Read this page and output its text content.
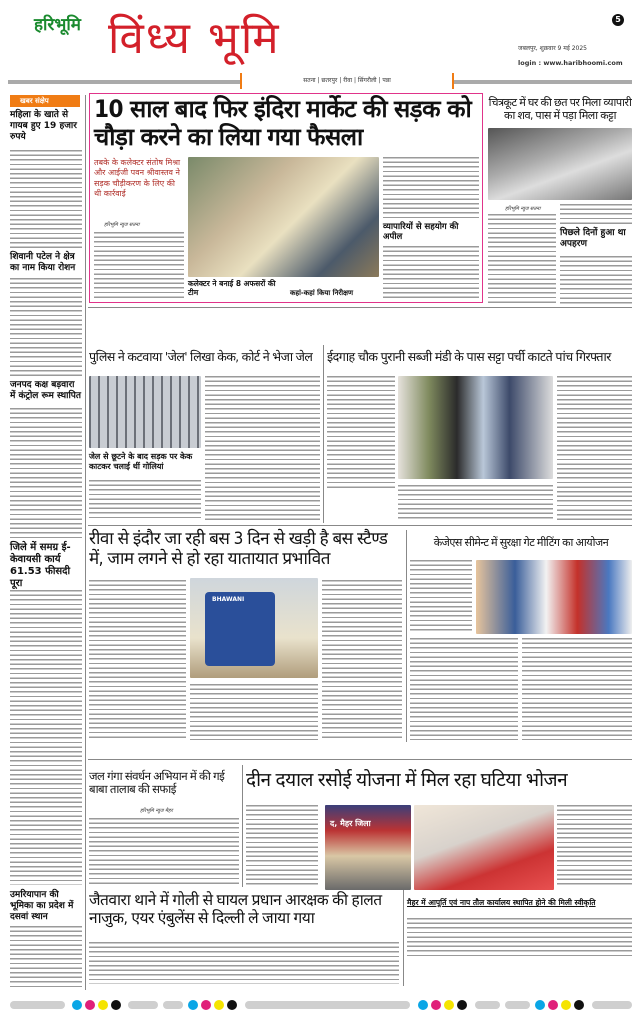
हरिभूमि विंध्य भूमि	5
जबलपुर, शुक्रवार 9 मई 2025
login : www.haribhoomi.com
सतना | छतरपुर | रीवा | सिंगरौली | पन्ना
खबर संक्षेप
महिला के खाते से गायब हुए 19 हजार रुपये
शिवानी पटेल ने क्षेत्र का नाम किया रोशन
जनपद कक्ष बड़वारा में कंट्रोल रूम स्थापित
जिले में समग्र ई-केवायसी कार्य 61.53 फीसदी पूरा
उमरियापान की भूमिका का प्रदेश में दसवां स्थान
10 साल बाद फिर इंदिरा मार्केट की सड़क को चौड़ा करने का लिया गया फैसला
तबके के कलेक्टर संतोष मिश्रा और आईजी पवन श्रीवास्तव ने सड़क चौड़ीकरण के लिए की थी कार्रवाई
हरिभूमि न्यूज सतना
कलेक्टर ने बनाई 8 अफसरों की टीम
व्यापारियों से सहयोग की अपील
कहां-कहां किया निरीक्षण
चित्रकूट में घर की छत पर मिला व्यापारी का शव, पास में पड़ा मिला कट्टा
हरिभूमि न्यूज सतना
पिछले दिनों हुआ था अपहरण
पुलिस ने कटवाया 'जेल' लिखा केक, कोर्ट ने भेजा जेल
जेल से छूटने के बाद सड़क पर केक काटकर चलाई थीं गोलियां
ईदगाह चौक पुरानी सब्जी मंडी के पास सट्टा पर्ची काटते पांच गिरफ्तार
रीवा से इंदौर जा रही बस 3 दिन से खड़ी है बस स्टैण्ड में, जाम लगने से हो रहा यातायात प्रभावित
BHAWANI
केजेएस सीमेन्ट में सुरक्षा गेट मीटिंग का आयोजन
जल गंगा संवर्धन अभियान में की गई बाबा तालाब की सफाई
हरिभूमि न्यूज मैहर
दीन दयाल रसोई योजना में मिल रहा घटिया भोजन
द, मैहर जिला
जैतवारा थाने में गोली से घायल प्रधान आरक्षक की हालत नाजुक, एयर एंबुलेंस से दिल्ली ले जाया गया
मैहर में आपूर्ति एवं नाप तौल कार्यालय स्थापित होने की मिली स्वीकृति
